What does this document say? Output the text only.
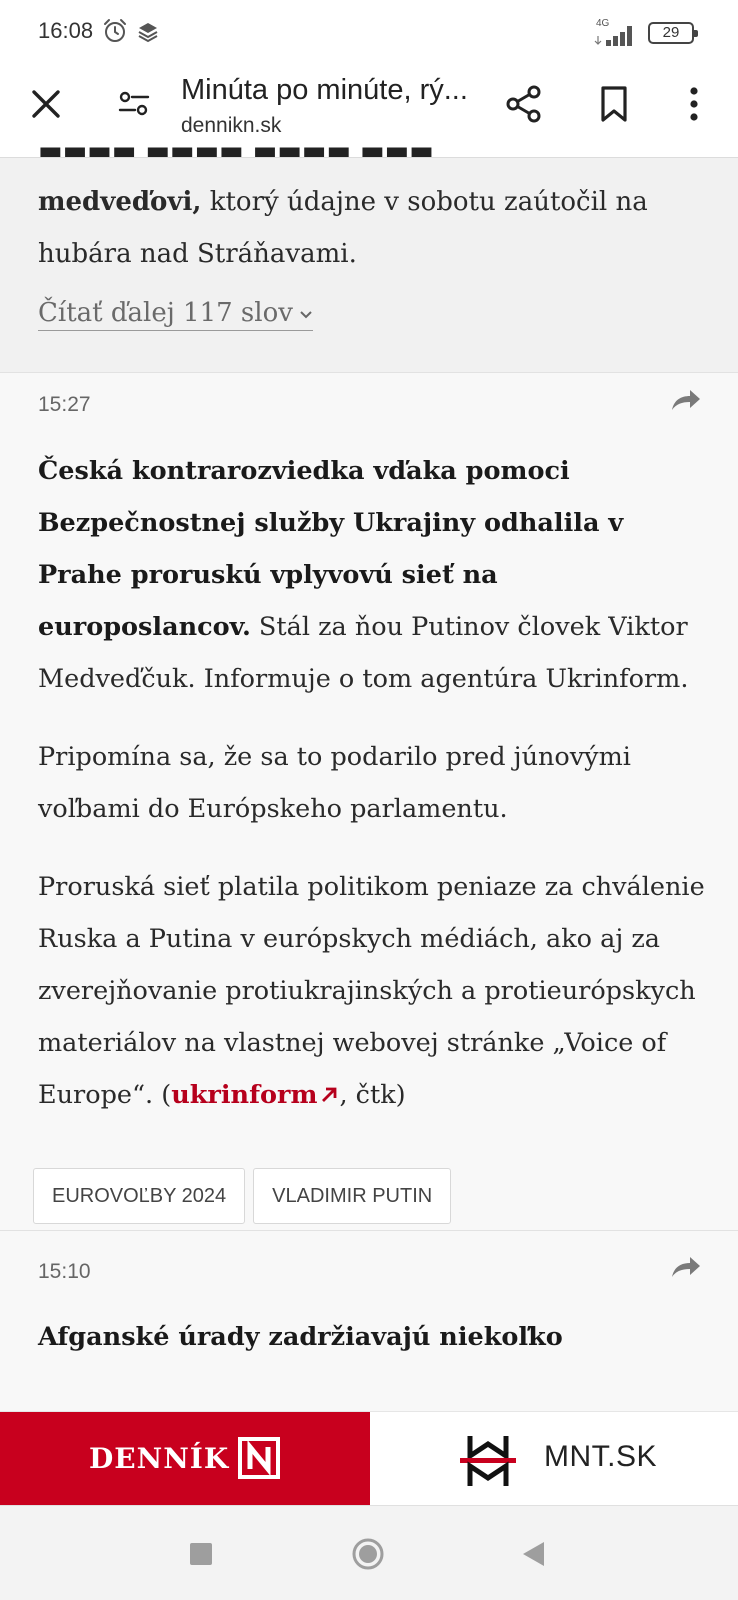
16:08	4G
29
Minúta po minúte, rý...
dennikn.sk
▬▬▬▬ ▬▬▬▬ ▬▬▬▬ ▬▬▬
medveďovi, ktorý údajne v sobotu zaútočil na hubára nad Stráňavami.
Čítať ďalej 117 slov
15:27
Česká kontrarozviedka vďaka pomoci Bezpečnostnej služby Ukrajiny odhalila v Prahe proruskú vplyvovú sieť na europoslancov. Stál za ňou Putinov človek Viktor Medveďčuk. Informuje o tom agentúra Ukrinform.
Pripomína sa, že sa to podarilo pred júnovými voľbami do Európskeho parlamentu.
Proruská sieť platila politikom peniaze za chválenie Ruska a Putina v európskych médiách, ako aj za zverejňovanie protiukrajinských a protieurópskych materiálov na vlastnej webovej stránke „Voice of Europe“. (ukrinform , čtk)
EUROVOĽBY 2024 VLADIMIR PUTIN
15:10
Afganské úrady zadržiavajú niekoľko
DENNÍK	MNT.SK
